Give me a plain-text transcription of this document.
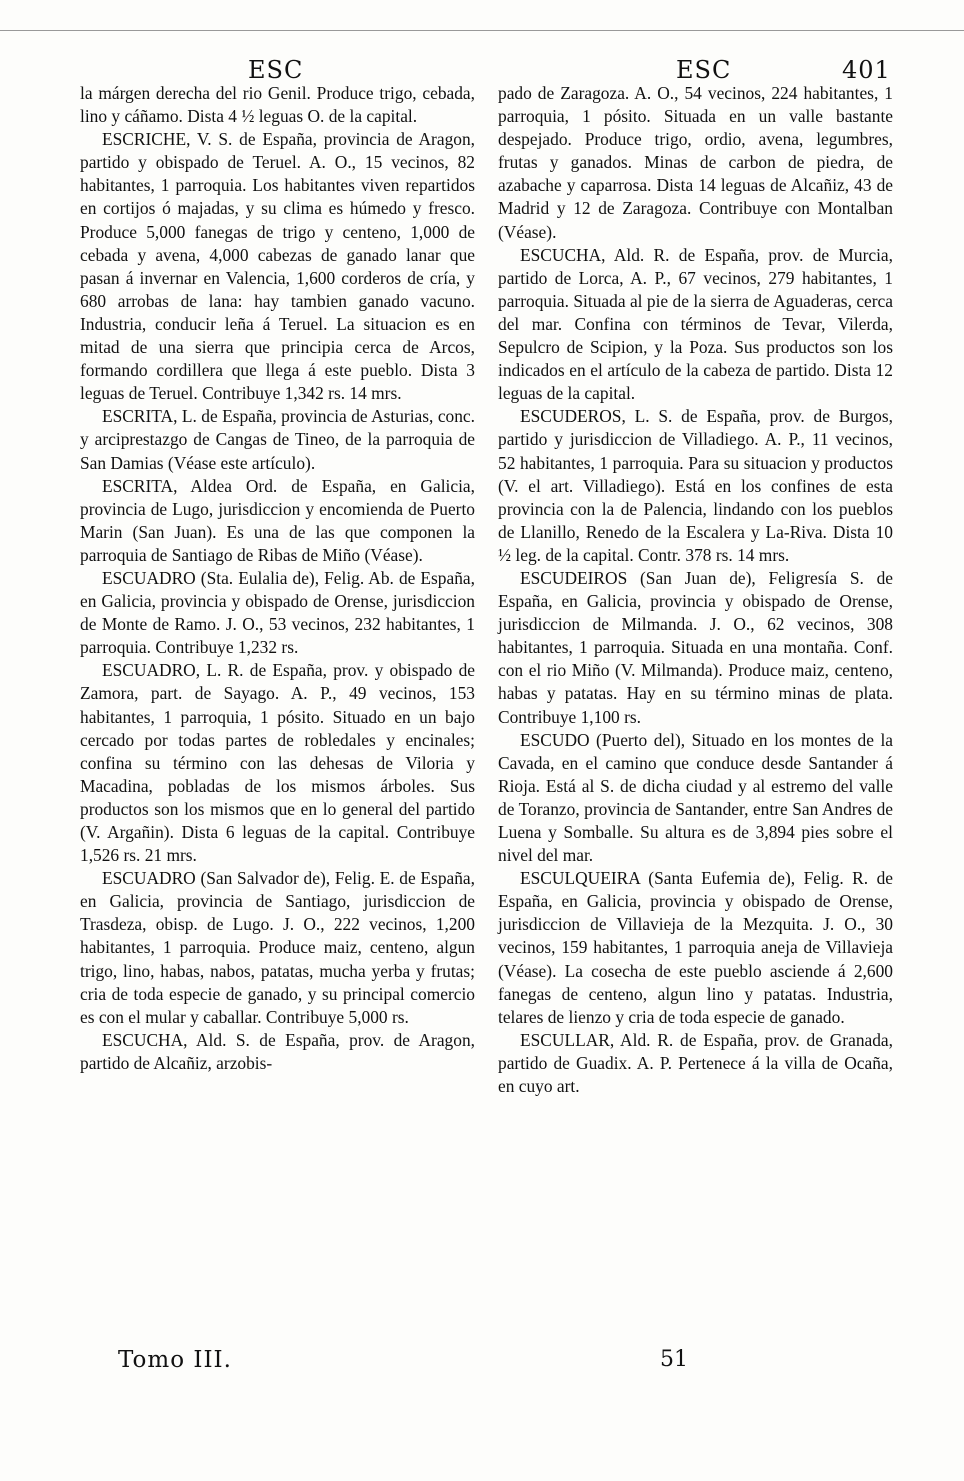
ESC	ESC	401

la márgen derecha del rio Genil. Produce trigo, cebada, lino y cáñamo. Dista 4 ½ leguas O. de la capital.

ESCRICHE, V. S. de España, provincia de Aragon, partido y obispado de Teruel. A. O., 15 vecinos, 82 habitantes, 1 parroquia. Los habitantes viven repartidos en cortijos ó majadas, y su clima es húmedo y fresco. Produce 5,000 fanegas de trigo y centeno, 1,000 de cebada y avena, 4,000 cabezas de ganado lanar que pasan á invernar en Valencia, 1,600 corderos de cría, y 680 arrobas de lana: hay tambien ganado vacuno. Industria, conducir leña á Teruel. La situacion es en mitad de una sierra que principia cerca de Arcos, formando cordillera que llega á este pueblo. Dista 3 leguas de Teruel. Contribuye 1,342 rs. 14 mrs.

ESCRITA, L. de España, provincia de Asturias, conc. y arciprestazgo de Cangas de Tineo, de la parroquia de San Damias (Véase este artículo).

ESCRITA, Aldea Ord. de España, en Galicia, provincia de Lugo, jurisdiccion y encomienda de Puerto Marin (San Juan). Es una de las que componen la parroquia de Santiago de Ribas de Miño (Véase).

ESCUADRO (Sta. Eulalia de), Felig. Ab. de España, en Galicia, provincia y obispado de Orense, jurisdiccion de Monte de Ramo. J. O., 53 vecinos, 232 habitantes, 1 parroquia. Contribuye 1,232 rs.

ESCUADRO, L. R. de España, prov. y obispado de Zamora, part. de Sayago. A. P., 49 vecinos, 153 habitantes, 1 parroquia, 1 pósito. Situado en un bajo cercado por todas partes de robledales y encinales; confina su término con las dehesas de Viloria y Macadina, pobladas de los mismos árboles. Sus productos son los mismos que en lo general del partido (V. Argañin). Dista 6 leguas de la capital. Contribuye 1,526 rs. 21 mrs.

ESCUADRO (San Salvador de), Felig. E. de España, en Galicia, provincia de Santiago, jurisdiccion de Trasdeza, obisp. de Lugo. J. O., 222 vecinos, 1,200 habitantes, 1 parroquia. Produce maiz, centeno, algun trigo, lino, habas, nabos, patatas, mucha yerba y frutas; cria de toda especie de ganado, y su principal comercio es con el mular y caballar. Contribuye 5,000 rs.

ESCUCHA, Ald. S. de España, prov. de Aragon, partido de Alcañiz, arzobis-

pado de Zaragoza. A. O., 54 vecinos, 224 habitantes, 1 parroquia, 1 pósito. Situada en un valle bastante despejado. Produce trigo, ordio, avena, legumbres, frutas y ganados. Minas de carbon de piedra, de azabache y caparrosa. Dista 14 leguas de Alcañiz, 43 de Madrid y 12 de Zaragoza. Contribuye con Montalban (Véase).

ESCUCHA, Ald. R. de España, prov. de Murcia, partido de Lorca, A. P., 67 vecinos, 279 habitantes, 1 parroquia. Situada al pie de la sierra de Aguaderas, cerca del mar. Confina con términos de Tevar, Vilerda, Sepulcro de Scipion, y la Poza. Sus productos son los indicados en el artículo de la cabeza de partido. Dista 12 leguas de la capital.

ESCUDEROS, L. S. de España, prov. de Burgos, partido y jurisdiccion de Villadiego. A. P., 11 vecinos, 52 habitantes, 1 parroquia. Para su situacion y productos (V. el art. Villadiego). Está en los confines de esta provincia con la de Palencia, lindando con los pueblos de Llanillo, Renedo de la Escalera y La-Riva. Dista 10 ½ leg. de la capital. Contr. 378 rs. 14 mrs.

ESCUDEIROS (San Juan de), Feligresía S. de España, en Galicia, provincia y obispado de Orense, jurisdiccion de Milmanda. J. O., 62 vecinos, 308 habitantes, 1 parroquia. Situada en una montaña. Conf. con el rio Miño (V. Milmanda). Produce maiz, centeno, habas y patatas. Hay en su término minas de plata. Contribuye 1,100 rs.

ESCUDO (Puerto del), Situado en los montes de la Cavada, en el camino que conduce desde Santander á Rioja. Está al S. de dicha ciudad y al estremo del valle de Toranzo, provincia de Santander, entre San Andres de Luena y Somballe. Su altura es de 3,894 pies sobre el nivel del mar.

ESCULQUEIRA (Santa Eufemia de), Felig. R. de España, en Galicia, provincia y obispado de Orense, jurisdiccion de Villavieja de la Mezquita. J. O., 30 vecinos, 159 habitantes, 1 parroquia aneja de Villavieja (Véase). La cosecha de este pueblo asciende á 2,600 fanegas de centeno, algun lino y patatas. Industria, telares de lienzo y cria de toda especie de ganado.

ESCULLAR, Ald. R. de España, prov. de Granada, partido de Guadix. A. P. Pertenece á la villa de Ocaña, en cuyo art.

Tomo III.	51
